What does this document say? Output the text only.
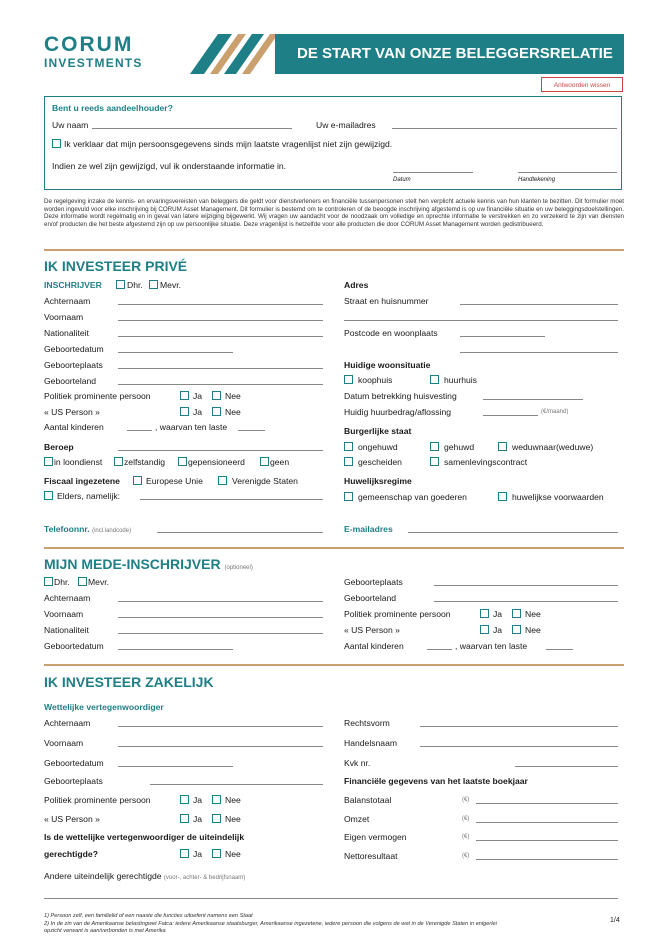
CORUM
INVESTMENTS
DE START VAN ONZE BELEGGERSRELATIE
Antwoorden wissen
Bent u reeds aandeelhouder?
Uw naam	Uw e-mailadres
Ik verklaar dat mijn persoonsgegevens sinds mijn laatste vragenlijst niet zijn gewijzigd.
Indien ze wel zijn gewijzigd, vul ik onderstaande informatie in.
Datum	Handtekening
De regelgeving inzake de kennis- en ervaringsvereisten van beleggers die geldt voor dienstverleners en financiële tussenpersonen stelt hen verplicht actuele kennis van hun klanten te bezitten. Dit formulier moet worden ingevuld voor elke inschrijving bij CORUM Asset Management. Dit formulier is bestemd om te controleren of de beoogde inschrijving afgestemd is op uw financiële situatie en uw beleggingsdoelstellingen. Deze informatie wordt regelmatig en in geval van latere wijziging bijgewerkt. Wij vragen uw aandacht voor de noodzaak om volledige en oprechte informatie te verstrekken en zo verzekerd te zijn van diensten en/of producten die het beste afgestemd zijn op uw persoonlijke situatie. Deze vragenlijst is hetzelfde voor alle producten die door CORUM Asset Management worden gedistribueerd.
IK INVESTEER PRIVÉ
INSCHRIJVER	Dhr. Mevr.
Achternaam
Voornaam
Nationaliteit
Geboortedatum
Geboorteplaats
Geboorteland
Politiek prominente persoon	Ja	Nee
« US Person »	Ja	Nee
Aantal kinderen	, waarvan ten laste
Beroep
in loondienst	zelfstandig	gepensioneerd	geen
Fiscaal ingezetene	Europese Unie	Verenigde Staten
Elders, namelijk:
Telefoonnr. (incl.landcode)	E-mailadres
Adres
Straat en huisnummer
Postcode en woonplaats
Huidige woonsituatie
koophuis	huurhuis
Datum betrekking huisvesting
Huidig huurbedrag/aflossing	(€/maand)
Burgerlijke staat
ongehuwd	gehuwd	weduwnaar(weduwe)
gescheiden	samenlevingscontract
Huwelijksregime
gemeenschap van goederen	huwelijkse voorwaarden
MIJN MEDE-INSCHRIJVER (optioneel)
Dhr. Mevr.
Achternaam
Voornaam
Nationaliteit
Geboortedatum
Geboorteplaats
Geboorteland
Politiek prominente persoon	Ja	Nee
« US Person »	Ja	Nee
Aantal kinderen	, waarvan ten laste
IK INVESTEER ZAKELIJK
Wettelijke vertegenwoordiger
Achternaam
Voornaam
Geboortedatum
Geboorteplaats
Politiek prominente persoon	Ja	Nee
« US Person »	Ja	Nee
Is de wettelijke vertegenwoordiger de uiteindelijk
gerechtigde?	Ja	Nee
Andere uiteindelijk gerechtigde (voor-, achter- & bedrijfsnaam)
Rechtsvorm
Handelsnaam
Kvk nr.
Financiële gegevens van het laatste boekjaar
Balanstotaal	(€)
Omzet	(€)
Eigen vermogen	(€)
Nettoresultaat	(€)
1) Persoon zelf, een familielid of een naaste die functies uitoefent namens een Staat
2) In de zin van de Amerikaanse belastingwet Fatca: iedere Amerikaanse staatsburger, Amerikaanse ingezetene, iedere persoon die volgens de wet in de Verenigde Staten in enigerlei
opzicht verwant is aan/verbonden is met Amerika
1/4
